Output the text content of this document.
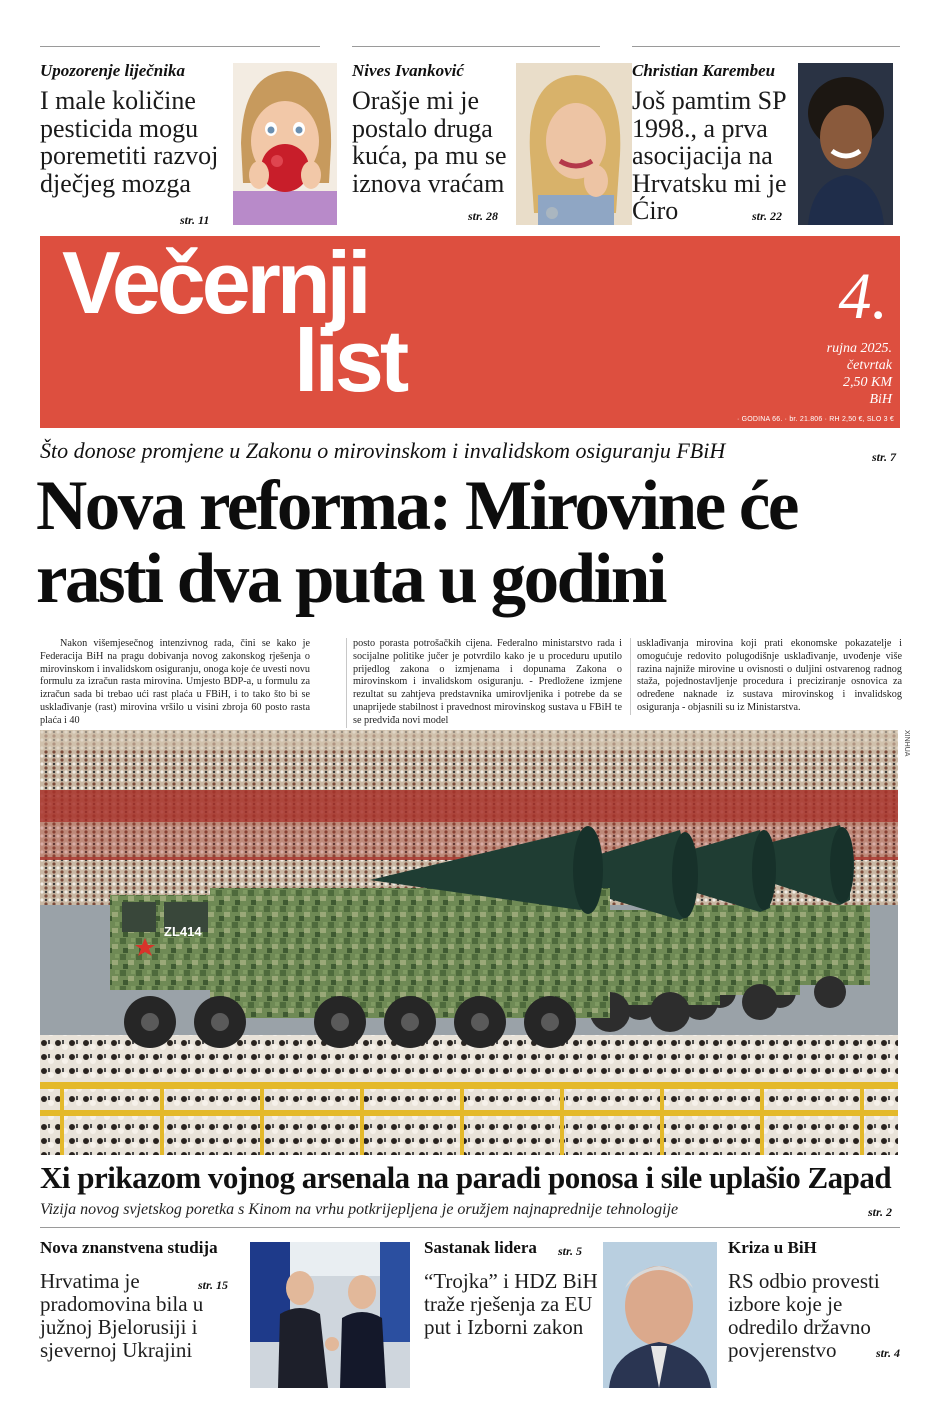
Upozorenje liječnika
I male količine pesticida mogu poremetiti razvoj dječjeg mozga
str. 11
Nives Ivanković
Orašje mi je postalo druga kuća, pa mu se iznova vraćam
str. 28
Christian Karembeu
Još pamtim SP 1998., a prva asocijacija na Hrvatsku mi je Ćiro	str. 22
Večernji
list
4.
rujna 2025.
četvrtak
2,50 KM
BiH
· GODINA 66. · br. 21.806 · RH 2,50 €, SLO 3 €
Što donose promjene u Zakonu o mirovinskom i invalidskom osiguranju FBiH	str. 7
Nova reforma: Mirovine će rasti dva puta u godini

Nakon višemjesečnog intenzivnog rada, čini se kako je Federacija BiH na pragu dobivanja novog zakonskog rješenja o mirovinskom i invalidskom osiguranju, onoga koje će uvesti novu formulu za izračun rasta mirovina. Umjesto BDP-a, u formulu za izračun sada bi trebao ući rast plaća u FBiH, i to tako što bi se usklađivanje (rast) mirovina vršilo u visini zbroja 60 posto rasta plaća i 40

posto porasta potrošačkih cijena. Federalno ministarstvo rada i socijalne politike jučer je potvrdilo kako je u proceduru uputilo prijedlog zakona o izmjenama i dopunama Zakona o mirovinskom i invalidskom osiguranju. - Predložene izmjene rezultat su zahtjeva predstavnika umirovljenika i potrebe da se unaprijede stabilnost i pravednost mirovinskog sustava u FBiH te se predviđa novi model

usklađivanja mirovina koji prati ekonomske pokazatelje i omogućuje redovito polugodišnje usklađivanje, uvođenje više razina najniže mirovine u ovisnosti o duljini ostvarenog radnog staža, pojednostavljenje procedura i preciziranje osnovica za određene naknade iz sustava mirovinskog i invalidskog osiguranja - objasnili su iz Ministarstva.

ZL414
XINHUA
Xi prikazom vojnog arsenala na paradi ponosa i sile uplašio Zapad
Vizija novog svjetskog poretka s Kinom na vrhu potkrijepljena je oružjem najnaprednije tehnologije	str. 2
Nova znanstvena studija
Hrvatima je pradomovina bila u južnoj Bjelorusiji i sjevernoj Ukrajini
str. 15
Sastanak lidera str. 5
“Trojka” i HDZ BiH traže rješenja za EU put i Izborni zakon
Kriza u BiH
RS odbio provesti izbore koje je odredilo državno povjerenstvo	str. 4
